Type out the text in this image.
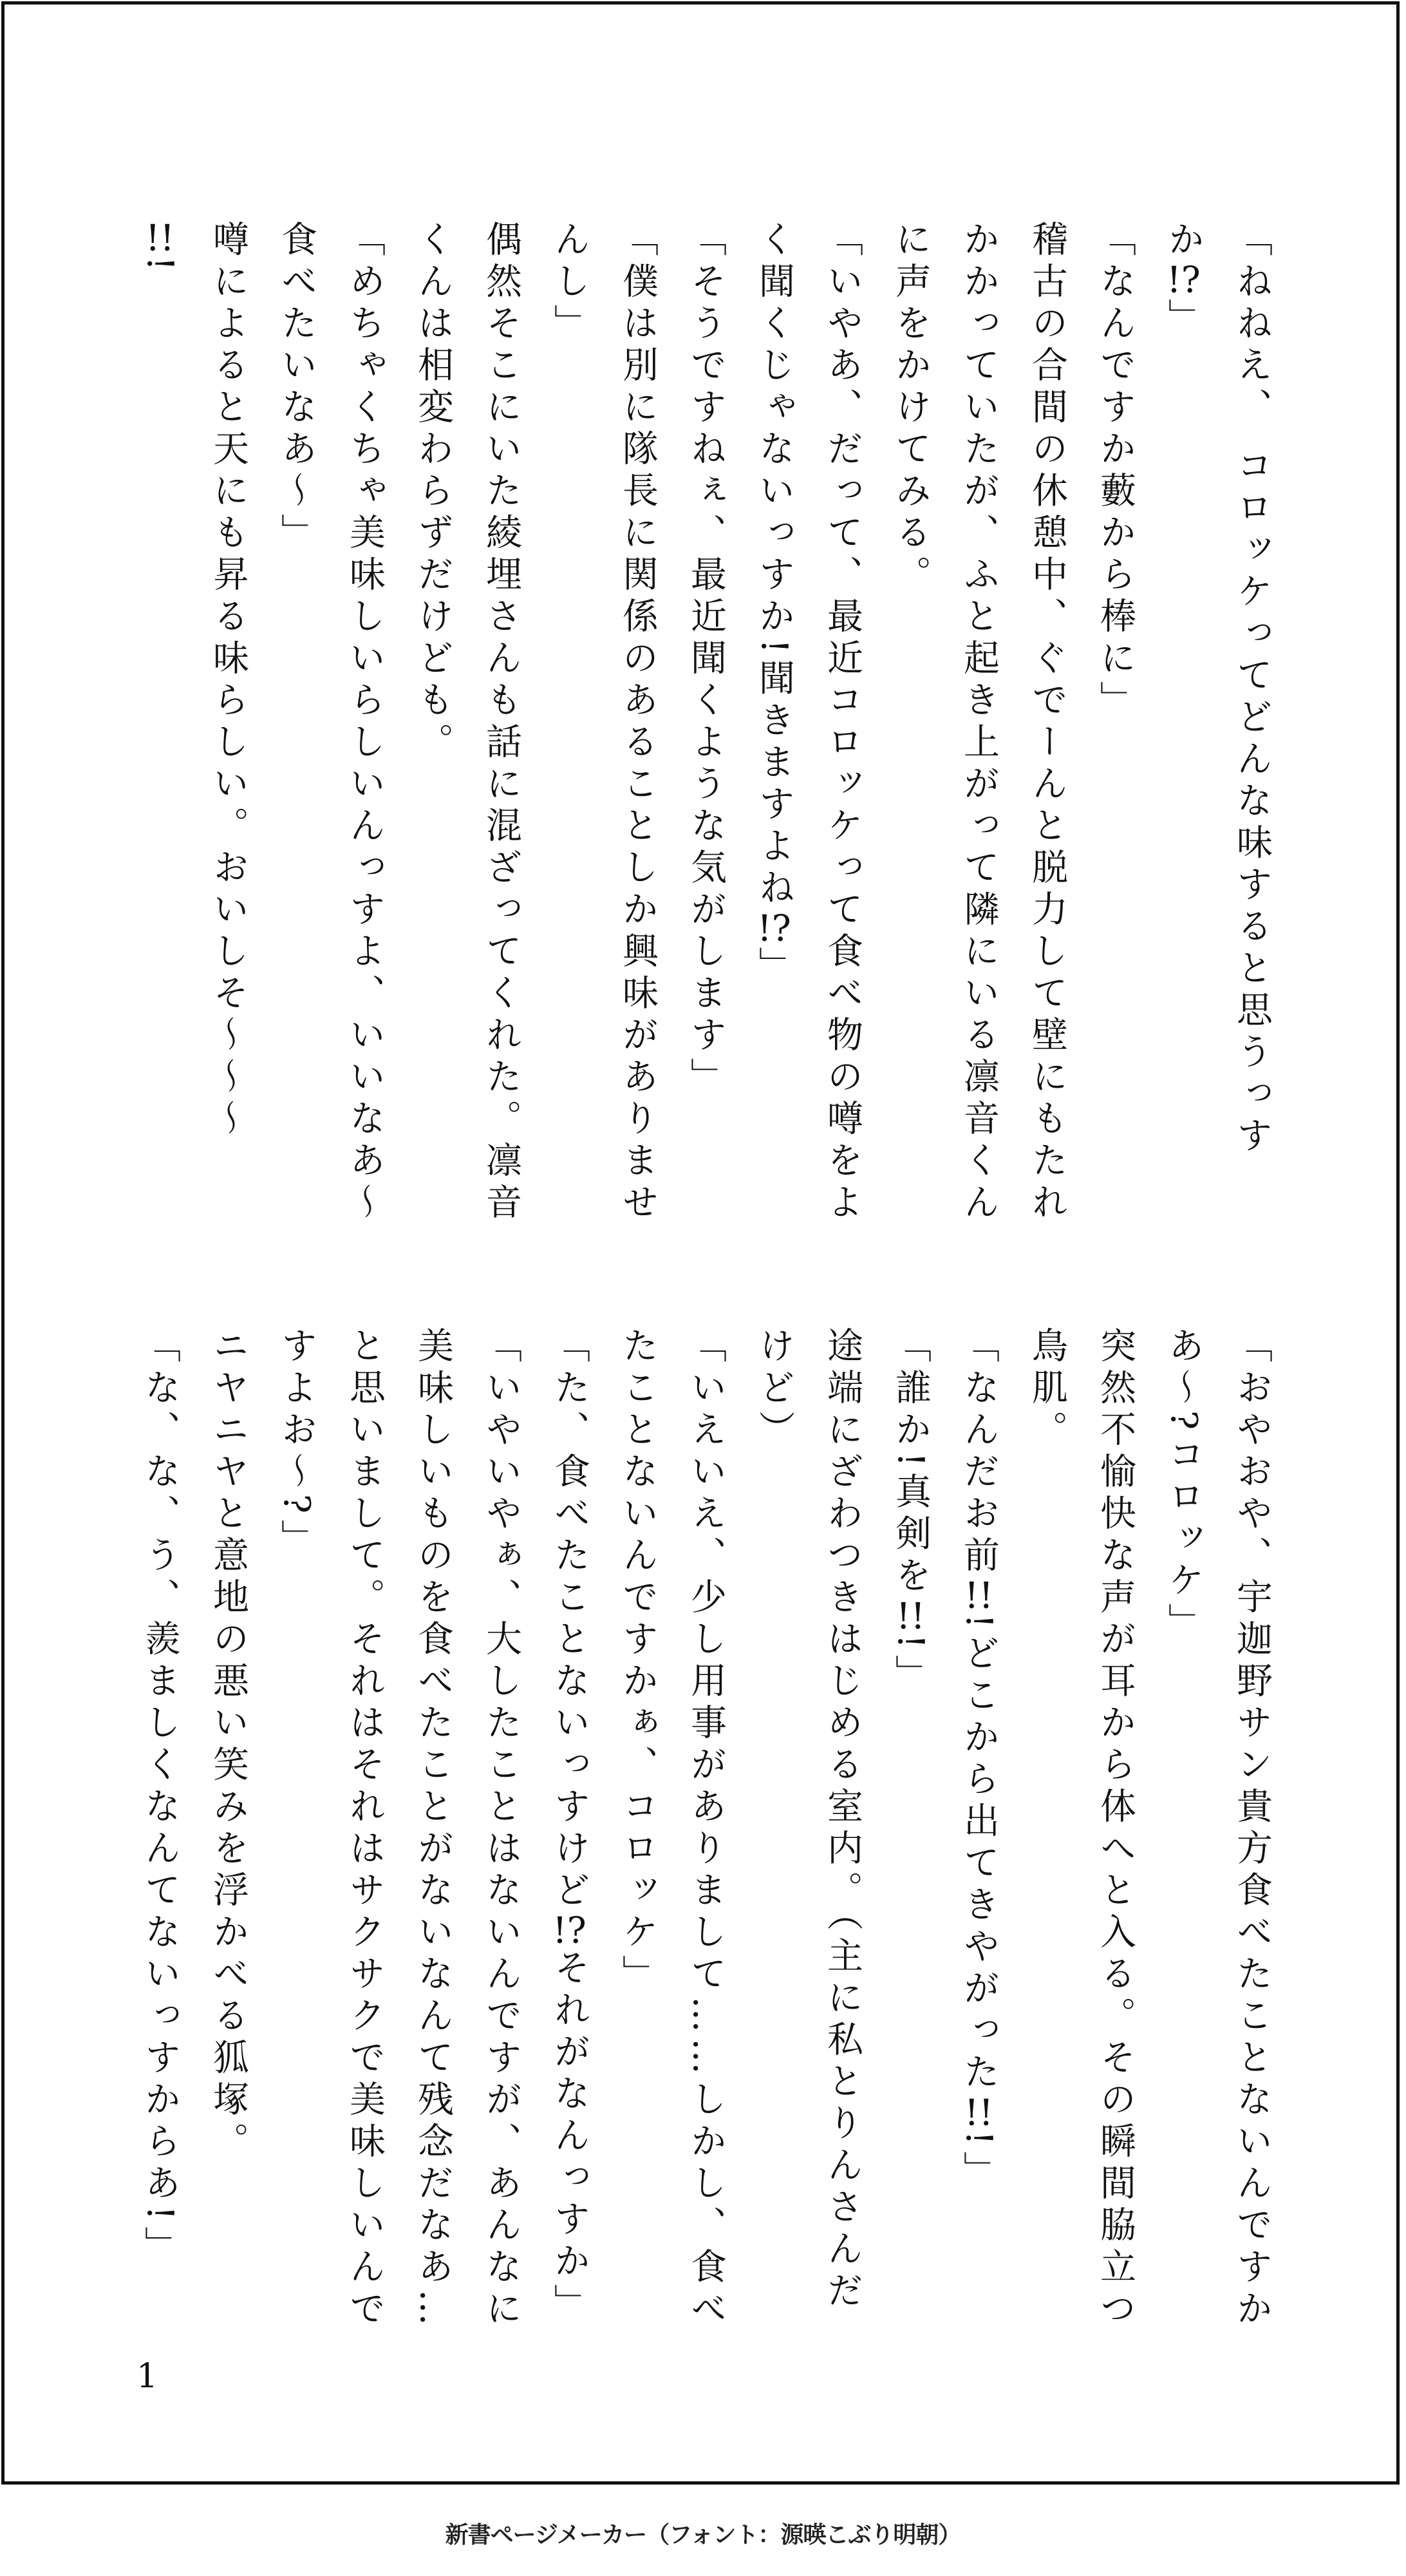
「ねねえ、 コロッケってどんな味すると思うっす
か!?」
「なんですか藪から棒に」
稽古の合間の休憩中、ぐでーんと脱力して壁にもたれ
かかっていたが、ふと起き上がって隣にいる凛音くん
に声をかけてみる。
「いやあ、だって、最近コロッケって食べ物の噂をよ
く聞くじゃないっすか!聞きますよね!?」
「そうですねぇ、最近聞くような気がします」
「僕は別に隊長に関係のあることしか興味がありませ
んし」
偶然そこにいた綾埋さんも話に混ざってくれた。凛音
くんは相変わらずだけども。
「めちゃくちゃ美味しいらしいんっすよ、いいなあ〜
食べたいなあ〜」
噂によると天にも昇る味らしい。おいしそ〜〜〜
!!!
「おやおや、宇迦野サン貴方食べたことないんですか
あ〜?コロッケ」
突然不愉快な声が耳から体へと入る。その瞬間脇立つ
鳥肌。
「なんだお前!!!どこから出てきやがった!!!」
「誰か!真剣を!!!」
途端にざわつきはじめる室内。（主に私とりんさんだ
けど）
「いえいえ、少し用事がありまして……しかし、食べ
たことないんですかぁ、コロッケ」
「た、食べたことないっすけど!?それがなんっすか」
「いやいやぁ、大したことはないんですが、あんなに
美味しいものを食べたことがないなんて残念だなあ…
と思いまして。それはそれはサクサクで美味しいんで
すよお〜?」
ニヤニヤと意地の悪い笑みを浮かべる狐塚。
「な、な、う、羨ましくなんてないっすからあ!」
1
新書ページメーカー（フォント：源暎こぶり明朝）
